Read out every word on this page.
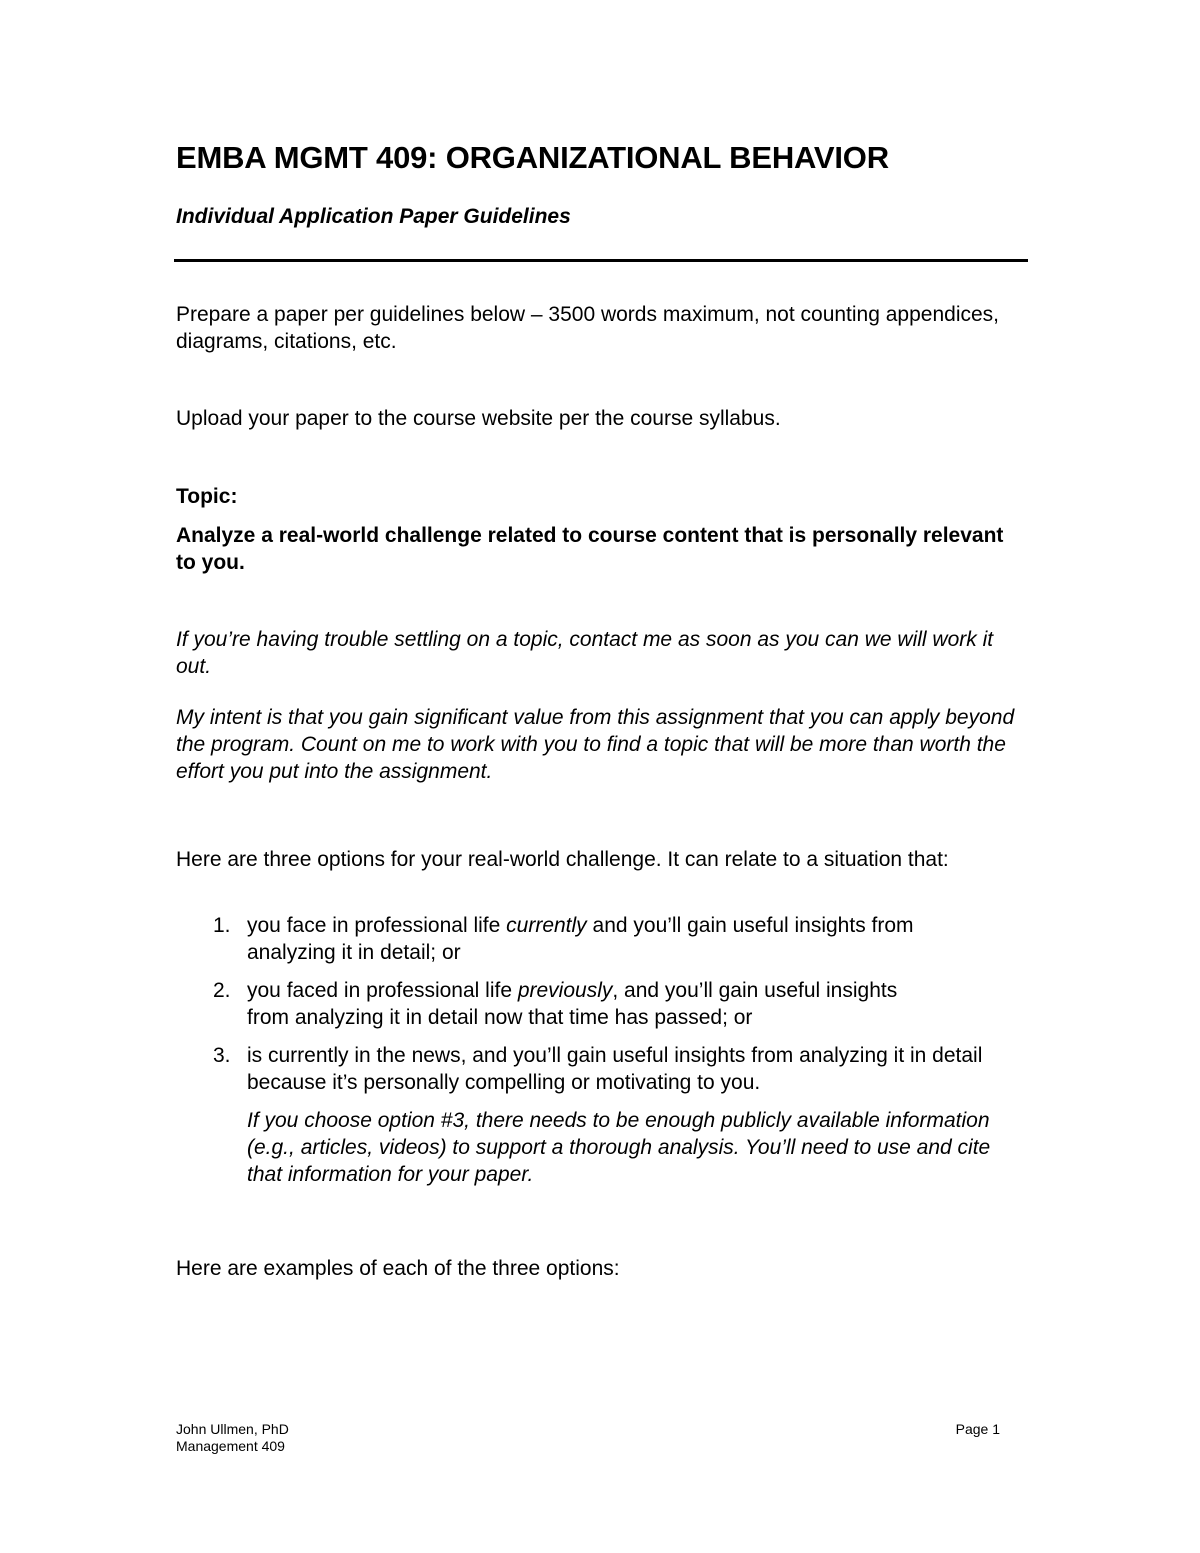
EMBA MGMT 409: ORGANIZATIONAL BEHAVIOR
Individual Application Paper Guidelines

Prepare a paper per guidelines below – 3500 words maximum, not counting appendices, diagrams, citations, etc.

Upload your paper to the course website per the course syllabus.

Topic:

Analyze a real-world challenge related to course content that is personally relevant to you.

If you’re having trouble settling on a topic, contact me as soon as you can we will work it out.

My intent is that you gain significant value from this assignment that you can apply beyond the program. Count on me to work with you to find a topic that will be more than worth the effort you put into the assignment.

Here are three options for your real-world challenge. It can relate to a situation that:

1. you face in professional life currently and you’ll gain useful insights from analyzing it in detail; or
2. you faced in professional life previously, and you’ll gain useful insights from analyzing it in detail now that time has passed; or
3. is currently in the news, and you’ll gain useful insights from analyzing it in detail because it’s personally compelling or motivating to you.

If you choose option #3, there needs to be enough publicly available information (e.g., articles, videos) to support a thorough analysis. You’ll need to use and cite that information for your paper.

Here are examples of each of the three options:

John Ullmen, PhD
Management 409
Page 1
